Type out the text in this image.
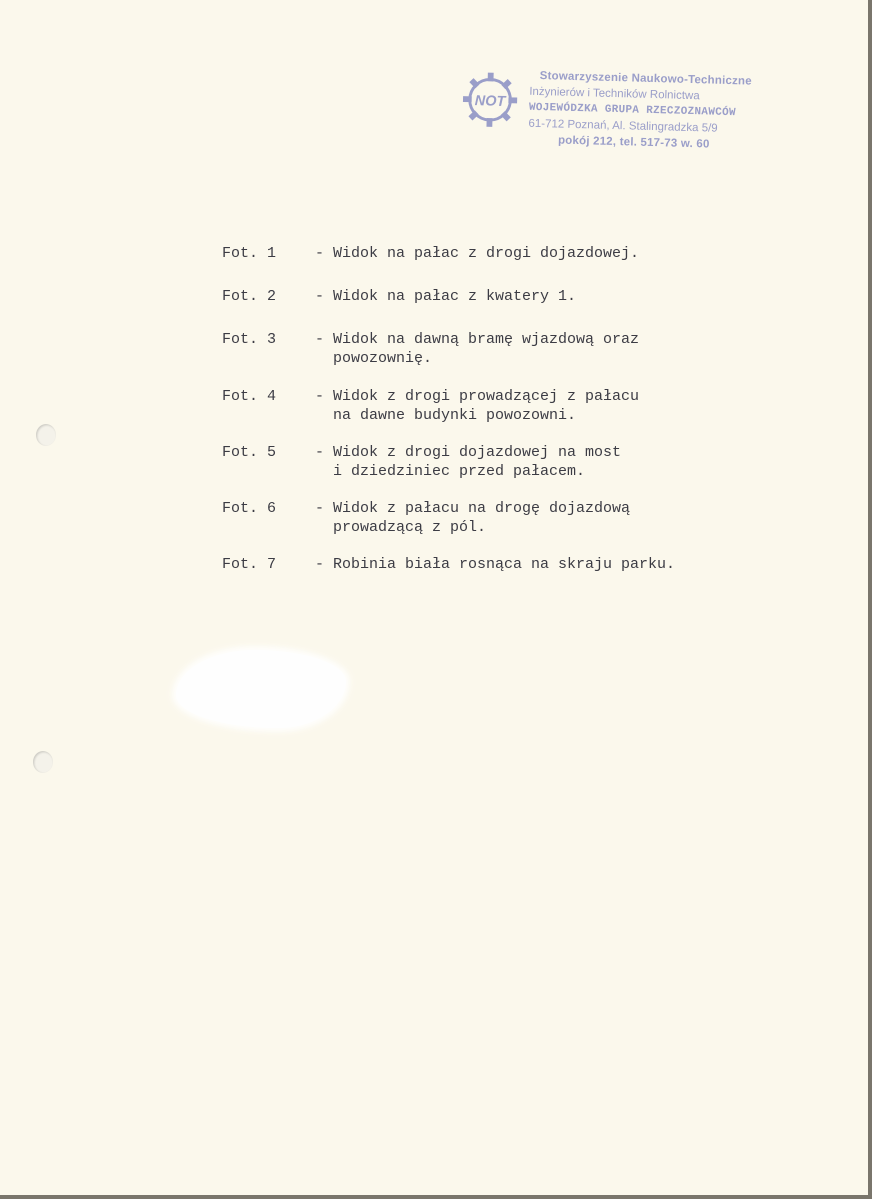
NOT
Stowarzyszenie Naukowo-Techniczne
Inżynierów i Techników Rolnictwa
WOJEWÓDZKA GRUPA RZECZOZNAWCÓW
61-712 Poznań, Al. Stalingradzka 5/9
pokój 212, tel. 517-73 w. 60
Fot. 1	- Widok na pałac z drogi dojazdowej.
Fot. 2	- Widok na pałac z kwatery 1.
Fot. 3	- Widok na dawną bramę wjazdową oraz
powozownię.
Fot. 4	- Widok z drogi prowadzącej z pałacu
na dawne budynki powozowni.
Fot. 5	- Widok z drogi dojazdowej na most
i dziedziniec przed pałacem.
Fot. 6	- Widok z pałacu na drogę dojazdową
prowadzącą z pól.
Fot. 7	- Robinia biała rosnąca na skraju parku.
